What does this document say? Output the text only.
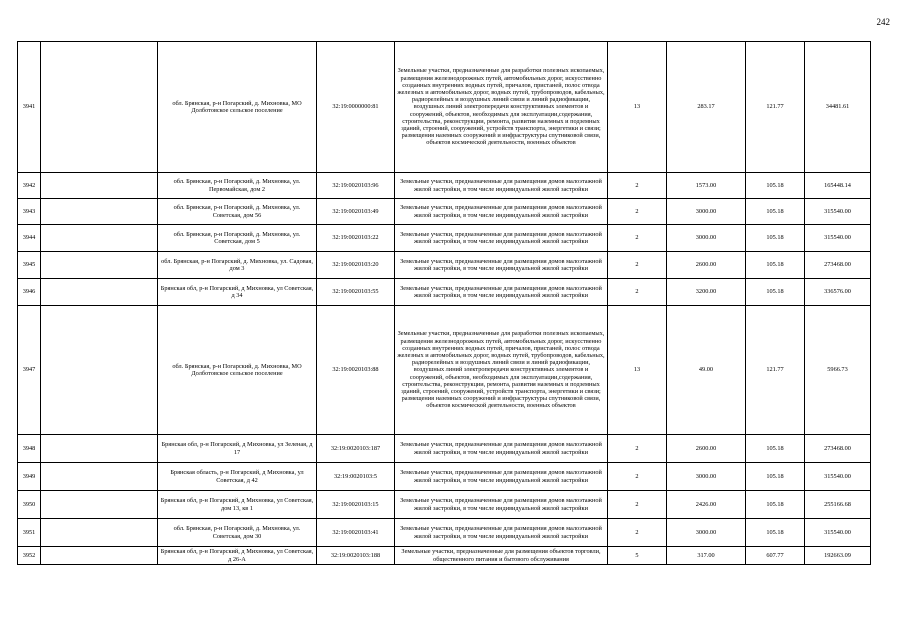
242
3941		обл. Брянская, р-н Погарский, д. Михновка, МО Долботовское сельское поселение	32:19:0000000:81	Земельные участки, предназначенные для разработки полезных ископаемых, размещения железнодорожных путей, автомобильных дорог, искусственно созданных внутренних водных путей, причалов, пристаней, полос отвода железных и автомобильных дорог, водных путей, трубопроводов, кабельных, радиорелейных и воздушных линий связи и линий радиофикации, воздушных линий электропередачи конструктивных элементов и сооружений, объектов, необходимых для эксплуатации,содержания, строительства, реконструкции, ремонта, развития наземных и подземных зданий, строений, сооружений, устройств транспорта, энергетики и связи; размещения наземных сооружений и инфраструктуры спутниковой связи, объектов космической деятельности, военных объектов	13	283.17	121.77	34481.61
3942		обл. Брянская, р-н Погарский, д. Михновка, ул. Первомайская, дом 2	32:19:0020103:96	Земельные участки, предназначенные для размещения домов малоэтажной жилой застройки, в том числе индивидуальной жилой застройки	2	1573.00	105.18	165448.14
3943		обл. Брянская, р-н Погарский, д. Михновка, ул. Советская, дом 56	32:19:0020103:49	Земельные участки, предназначенные для размещения домов малоэтажной жилой застройки, в том числе индивидуальной жилой застройки	2	3000.00	105.18	315540.00
3944		обл. Брянская, р-н Погарский, д. Михновка, ул. Советская, дом 5	32:19:0020103:22	Земельные участки, предназначенные для размещения домов малоэтажной жилой застройки, в том числе индивидуальной жилой застройки	2	3000.00	105.18	315540.00
3945		обл. Брянская, р-н Погарский, д. Михновка, ул. Садовая, дом 3	32:19:0020103:20	Земельные участки, предназначенные для размещения домов малоэтажной жилой застройки, в том числе индивидуальной жилой застройки	2	2600.00	105.18	273468.00
3946		Брянская обл, р-н Погарский, д Михновка, ул Советская, д 34	32:19:0020103:55	Земельные участки, предназначенные для размещения домов малоэтажной жилой застройки, в том числе индивидуальной жилой застройки	2	3200.00	105.18	336576.00
3947		обл. Брянская, р-н Погарский, д. Михновка, МО Долботовское сельское поселение	32:19:0020103:88	Земельные участки, предназначенные для разработки полезных ископаемых, размещения железнодорожных путей, автомобильных дорог, искусственно созданных внутренних водных путей, причалов, пристаней, полос отвода железных и автомобильных дорог, водных путей, трубопроводов, кабельных, радиорелейных и воздушных линий связи и линий радиофикации, воздушных линий электропередачи конструктивных элементов и сооружений, объектов, необходимых для эксплуатации,содержания, строительства, реконструкции, ремонта, развития наземных и подземных зданий, строений, сооружений, устройств транспорта, энергетики и связи; размещения наземных сооружений и инфраструктуры спутниковой связи, объектов космической деятельности, военных объектов	13	49.00	121.77	5966.73
3948		Брянская обл, р-н Погарский, д Михновка, ул Зеленая, д 17	32:19:0020103:187	Земельные участки, предназначенные для размещения домов малоэтажной жилой застройки, в том числе индивидуальной жилой застройки	2	2600.00	105.18	273468.00
3949		Брянская область, р-н Погарский, д Михновка, ул Советская, д 42	32:19:0020103:5	Земельные участки, предназначенные для размещения домов малоэтажной жилой застройки, в том числе индивидуальной жилой застройки	2	3000.00	105.18	315540.00
3950		Брянская обл, р-н Погарский, д Михновка, ул Советская, дом 13, кв 1	32:19:0020103:15	Земельные участки, предназначенные для размещения домов малоэтажной жилой застройки, в том числе индивидуальной жилой застройки	2	2426.00	105.18	255166.68
3951		обл. Брянская, р-н Погарский, д. Михновка, ул. Советская, дом 30	32:19:0020103:41	Земельные участки, предназначенные для размещения домов малоэтажной жилой застройки, в том числе индивидуальной жилой застройки	2	3000.00	105.18	315540.00
3952		Брянская обл, р-н Погарский, д Михновка, ул Советская, д 26-А	32:19:0020103:188	Земельные участки, предназначенные для размещения объектов торговли, общественного питания и бытового обслуживания	5	317.00	607.77	192663.09
